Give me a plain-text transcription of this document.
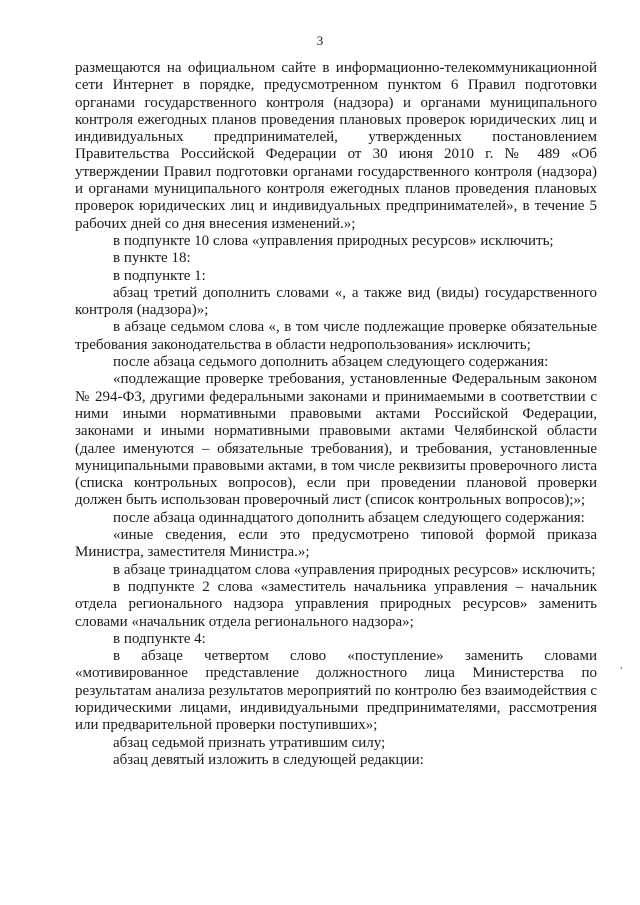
3

размещаются на официальном сайте в информационно-телекоммуникационной сети Интернет в порядке, предусмотренном пунктом 6 Правил подготовки органами государственного контроля (надзора) и органами муниципального контроля ежегодных планов проведения плановых проверок юридических лиц и индивидуальных предпринимателей, утвержденных постановлением Правительства Российской Федерации от 30 июня 2010 г. № 489 «Об утверждении Правил подготовки органами государственного контроля (надзора) и органами муниципального контроля ежегодных планов проведения плановых проверок юридических лиц и индивидуальных предпринимателей», в течение 5 рабочих дней со дня внесения изменений.»;

в подпункте 10 слова «управления природных ресурсов» исключить;

в пункте 18:

в подпункте 1:

абзац третий дополнить словами «, а также вид (виды) государственного контроля (надзора)»;

в абзаце седьмом слова «, в том числе подлежащие проверке обязательные требования законодательства в области недропользования» исключить;

после абзаца седьмого дополнить абзацем следующего содержания:

«подлежащие проверке требования, установленные Федеральным законом № 294-ФЗ, другими федеральными законами и принимаемыми в соответствии с ними иными нормативными правовыми актами Российской Федерации, законами и иными нормативными правовыми актами Челябинской области (далее именуются – обязательные требования), и требования, установленные муниципальными правовыми актами, в том числе реквизиты проверочного листа (списка контрольных вопросов), если при проведении плановой проверки должен быть использован проверочный лист (список контрольных вопросов);»;

после абзаца одиннадцатого дополнить абзацем следующего содержания:

«иные сведения, если это предусмотрено типовой формой приказа Министра, заместителя Министра.»;

в абзаце тринадцатом слова «управления природных ресурсов» исключить;

в подпункте 2 слова «заместитель начальника управления – начальник отдела регионального надзора управления природных ресурсов» заменить словами «начальник отдела регионального надзора»;

в подпункте 4:

в абзаце четвертом слово «поступление» заменить словами «мотивированное представление должностного лица Министерства по результатам анализа результатов мероприятий по контролю без взаимодействия с юридическими лицами, индивидуальными предпринимателями, рассмотрения или предварительной проверки поступивших»;

абзац седьмой признать утратившим силу;

абзац девятый изложить в следующей редакции:

,
